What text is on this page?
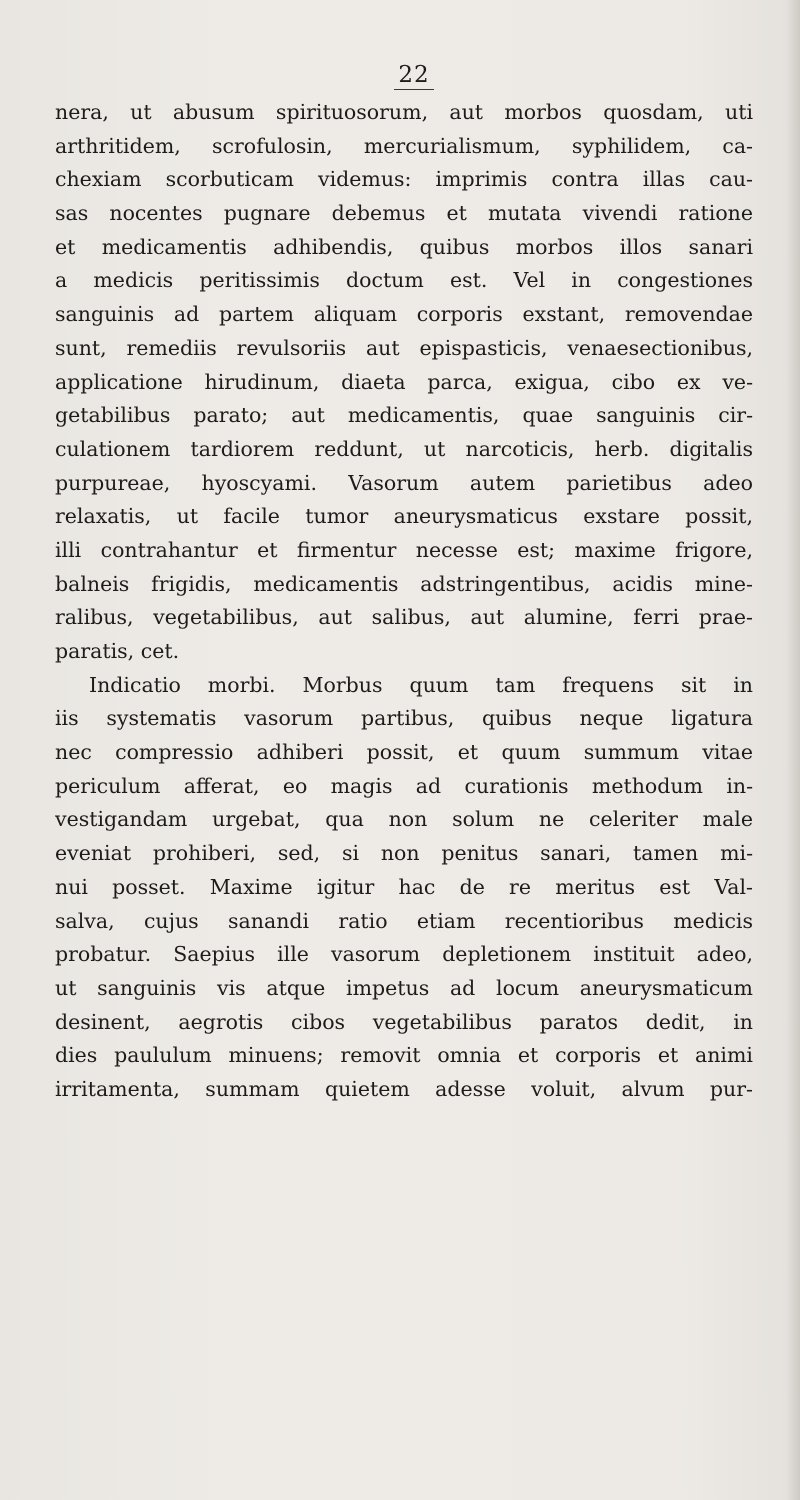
22
nera, ut abusum spirituosorum, aut morbos quosdam, uti
arthritidem, scrofulosin, mercurialismum, syphilidem, ca-
chexiam scorbuticam videmus: imprimis contra illas cau-
sas nocentes pugnare debemus et mutata vivendi ratione
et medicamentis adhibendis, quibus morbos illos sanari
a medicis peritissimis doctum est. Vel in congestiones
sanguinis ad partem aliquam corporis exstant, removendae
sunt, remediis revulsoriis aut epispasticis, venaesectionibus,
applicatione hirudinum, diaeta parca, exigua, cibo ex ve-
getabilibus parato; aut medicamentis, quae sanguinis cir-
culationem tardiorem reddunt, ut narcoticis, herb. digitalis
purpureae, hyoscyami. Vasorum autem parietibus adeo
relaxatis, ut facile tumor aneurysmaticus exstare possit,
illi contrahantur et firmentur necesse est; maxime frigore,
balneis frigidis, medicamentis adstringentibus, acidis mine-
ralibus, vegetabilibus, aut salibus, aut alumine, ferri prae-
paratis, cet.
Indicatio morbi. Morbus quum tam frequens sit in
iis systematis vasorum partibus, quibus neque ligatura
nec compressio adhiberi possit, et quum summum vitae
periculum afferat, eo magis ad curationis methodum in-
vestigandam urgebat, qua non solum ne celeriter male
eveniat prohiberi, sed, si non penitus sanari, tamen mi-
nui posset. Maxime igitur hac de re meritus est Val-
salva, cujus sanandi ratio etiam recentioribus medicis
probatur. Saepius ille vasorum depletionem instituit adeo,
ut sanguinis vis atque impetus ad locum aneurysmaticum
desinent, aegrotis cibos vegetabilibus paratos dedit, in
dies paululum minuens; removit omnia et corporis et animi
irritamenta, summam quietem adesse voluit, alvum pur-
